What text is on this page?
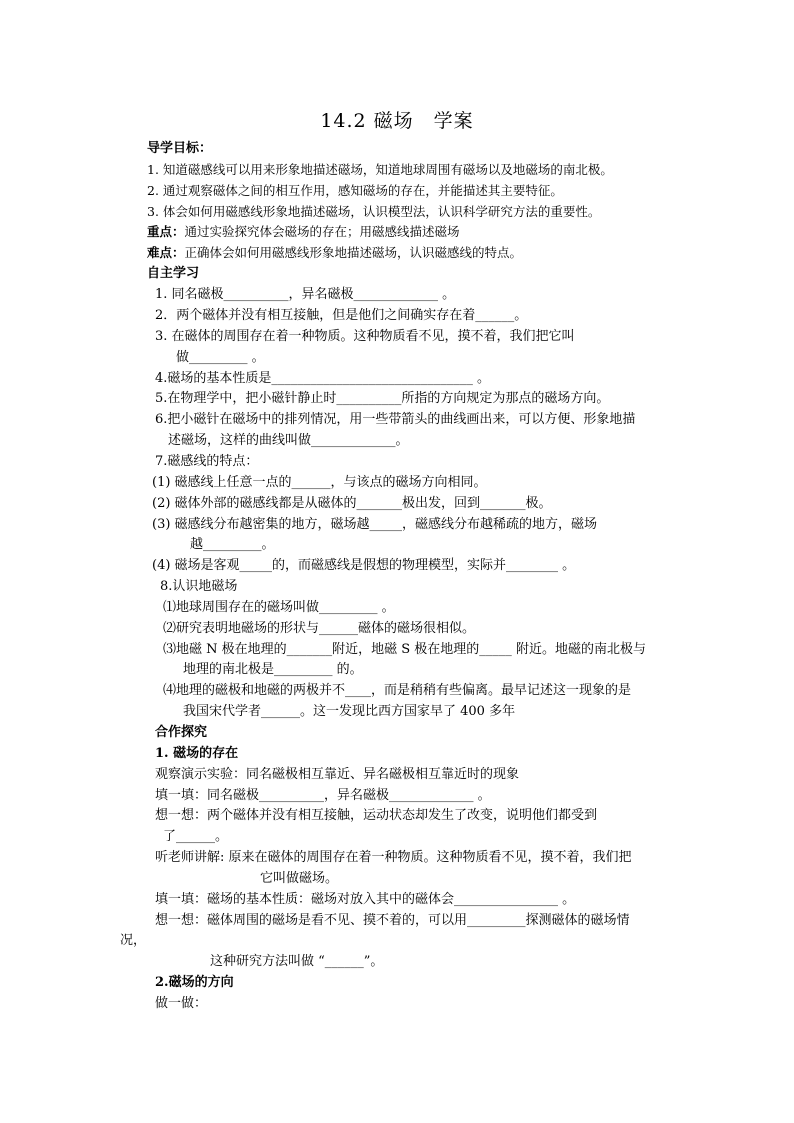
14.2 磁场　学案
导学目标：
1. 知道磁感线可以用来形象地描述磁场，知道地球周围有磁场以及地磁场的南北极。
2. 通过观察磁体之间的相互作用，感知磁场的存在，并能描述其主要特征。
3. 体会如何用磁感线形象地描述磁场，认识模型法，认识科学研究方法的重要性。
重点：通过实验探究体会磁场的存在；用磁感线描述磁场
难点：正确体会如何用磁感线形象地描述磁场，认识磁感线的特点。
自主学习
1. 同名磁极__________，异名磁极_____________ 。
2．两个磁体并没有相互接触，但是他们之间确实存在着______。
3. 在磁体的周围存在着一种物质。这种物质看不见，摸不着，我们把它叫
做_________ 。
4.磁场的基本性质是_______________________________ 。
5.在物理学中，把小磁针静止时__________所指的方向规定为那点的磁场方向。
6.把小磁针在磁场中的排列情况，用一些带箭头的曲线画出来，可以方便、形象地描
述磁场，这样的曲线叫做_____________。
7.磁感线的特点：
(1) 磁感线上任意一点的______，与该点的磁场方向相同。
(2) 磁体外部的磁感线都是从磁体的_______极出发，回到_______极。
(3) 磁感线分布越密集的地方，磁场越_____，磁感线分布越稀疏的地方，磁场
越_________。
(4) 磁场是客观_____的，而磁感线是假想的物理模型，实际并________ 。
8.认识地磁场
⑴地球周围存在的磁场叫做_________ 。
⑵研究表明地磁场的形状与______磁体的磁场很相似。
⑶地磁 N 极在地理的_______附近，地磁 S 极在地理的_____ 附近。地磁的南北极与
地理的南北极是_________ 的。
⑷地理的磁极和地磁的两极并不____，而是稍稍有些偏离。最早记述这一现象的是
我国宋代学者______。这一发现比西方国家早了 400 多年
合作探究
1. 磁场的存在
观察演示实验：同名磁极相互靠近、异名磁极相互靠近时的现象
填一填：同名磁极__________，异名磁极_____________ 。
想一想：两个磁体并没有相互接触，运动状态却发生了改变，说明他们都受到
了______。
听老师讲解: 原来在磁体的周围存在着一种物质。这种物质看不见，摸不着，我们把
它叫做磁场。
填一填：磁场的基本性质：磁场对放入其中的磁体会________________ 。
想一想：磁体周围的磁场是看不见、摸不着的，可以用_________探测磁体的磁场情
况，
这种研究方法叫做 “______”。
2.磁场的方向
做一做：
